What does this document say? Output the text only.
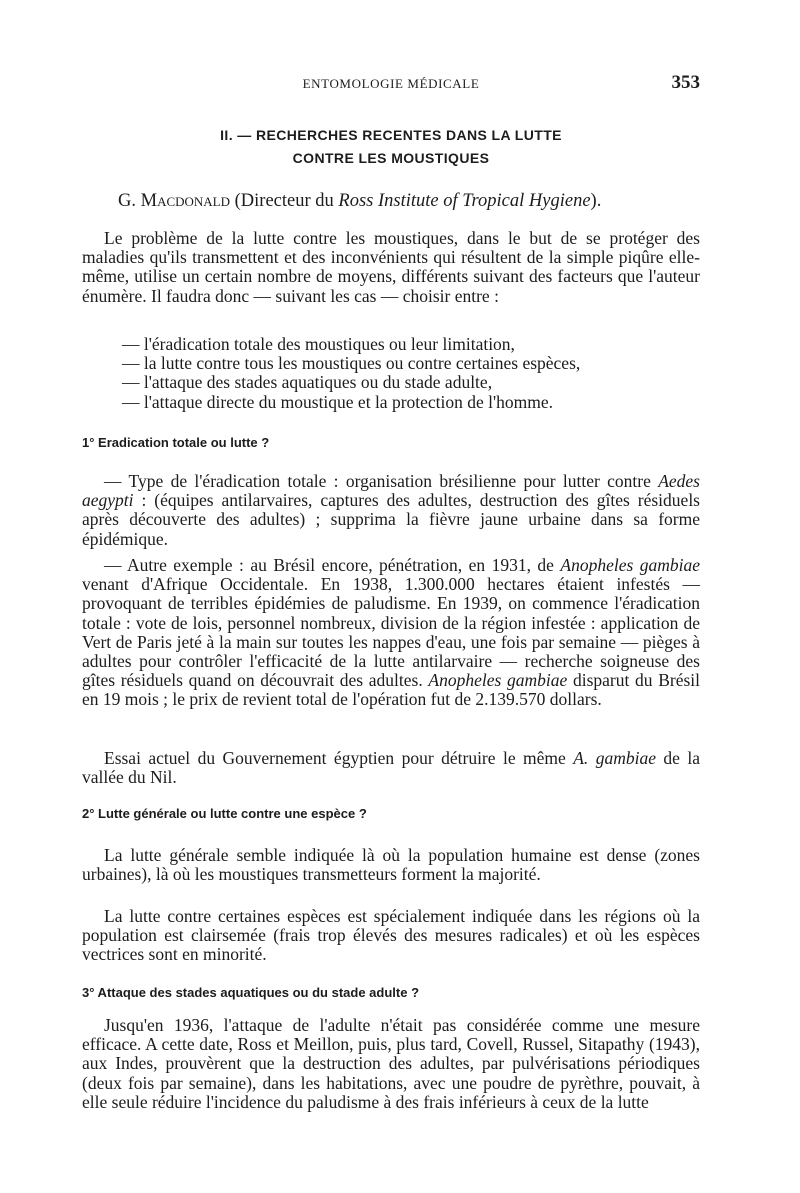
ENTOMOLOGIE MÉDICALE	353
II. — RECHERCHES RECENTES DANS LA LUTTE
CONTRE LES MOUSTIQUES
G. Macdonald (Directeur du Ross Institute of Tropical Hygiene).

Le problème de la lutte contre les moustiques, dans le but de se protéger des maladies qu'ils transmettent et des inconvénients qui résultent de la simple piqûre elle-même, utilise un certain nombre de moyens, différents suivant des facteurs que l'auteur énumère. Il faudra donc — suivant les cas — choisir entre :

— l'éradication totale des moustiques ou leur limitation,
— la lutte contre tous les moustiques ou contre certaines espèces,
— l'attaque des stades aquatiques ou du stade adulte,
— l'attaque directe du moustique et la protection de l'homme.
1° Eradication totale ou lutte ?

— Type de l'éradication totale : organisation brésilienne pour lutter contre Aedes aegypti : (équipes antilarvaires, captures des adultes, destruction des gîtes résiduels après découverte des adultes) ; supprima la fièvre jaune urbaine dans sa forme épidémique.

— Autre exemple : au Brésil encore, pénétration, en 1931, de Anopheles gambiae venant d'Afrique Occidentale. En 1938, 1.300.000 hectares étaient infestés — provoquant de terribles épidémies de paludisme. En 1939, on commence l'éradication totale : vote de lois, personnel nombreux, division de la région infestée : application de Vert de Paris jeté à la main sur toutes les nappes d'eau, une fois par semaine — pièges à adultes pour contrôler l'efficacité de la lutte antilarvaire — recherche soigneuse des gîtes résiduels quand on découvrait des adultes. Anopheles gambiae disparut du Brésil en 19 mois ; le prix de revient total de l'opération fut de 2.139.570 dollars.

Essai actuel du Gouvernement égyptien pour détruire le même A. gambiae de la vallée du Nil.

2° Lutte générale ou lutte contre une espèce ?

La lutte générale semble indiquée là où la population humaine est dense (zones urbaines), là où les moustiques transmetteurs forment la majorité.

La lutte contre certaines espèces est spécialement indiquée dans les régions où la population est clairsemée (frais trop élevés des mesures radicales) et où les espèces vectrices sont en minorité.

3° Attaque des stades aquatiques ou du stade adulte ?

Jusqu'en 1936, l'attaque de l'adulte n'était pas considérée comme une mesure efficace. A cette date, Ross et Meillon, puis, plus tard, Covell, Russel, Sitapathy (1943), aux Indes, prouvèrent que la destruction des adultes, par pulvérisations périodiques (deux fois par semaine), dans les habitations, avec une poudre de pyrèthre, pouvait, à elle seule réduire l'incidence du paludisme à des frais inférieurs à ceux de la lutte
